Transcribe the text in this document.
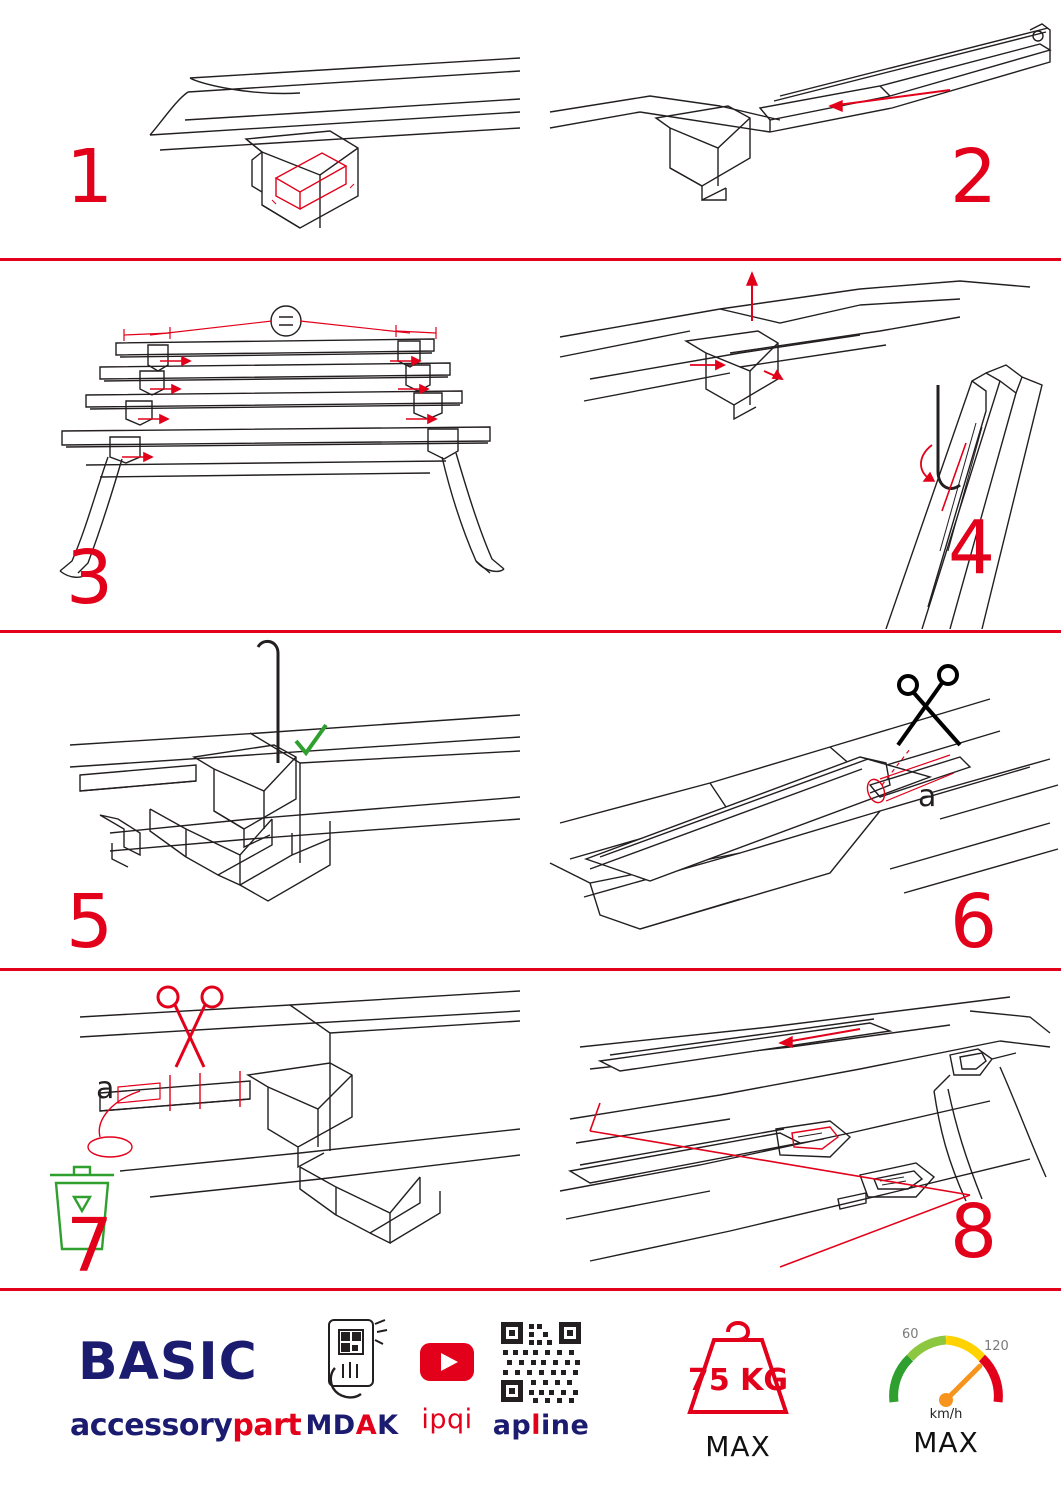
1	2
3	4
5
a
6
a
7	8
BASIC
accessorypart MDAK ipqi apline
75 KG
MAX
60
120
km/h
MAX
